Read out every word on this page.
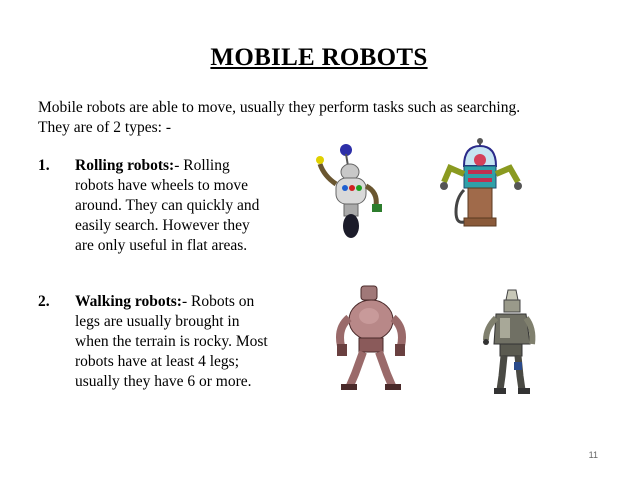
MOBILE ROBOTS
Mobile robots are able to move, usually they perform tasks such as searching.
They are of 2 types: -
1. Rolling robots:- Rolling
robots have wheels to move
around. They can quickly and
easily search. However they
are only useful in flat areas.
2. Walking robots:- Robots on
legs are usually brought in
when the terrain is rocky. Most
robots have at least 4 legs;
usually they have 6 or more.
11
